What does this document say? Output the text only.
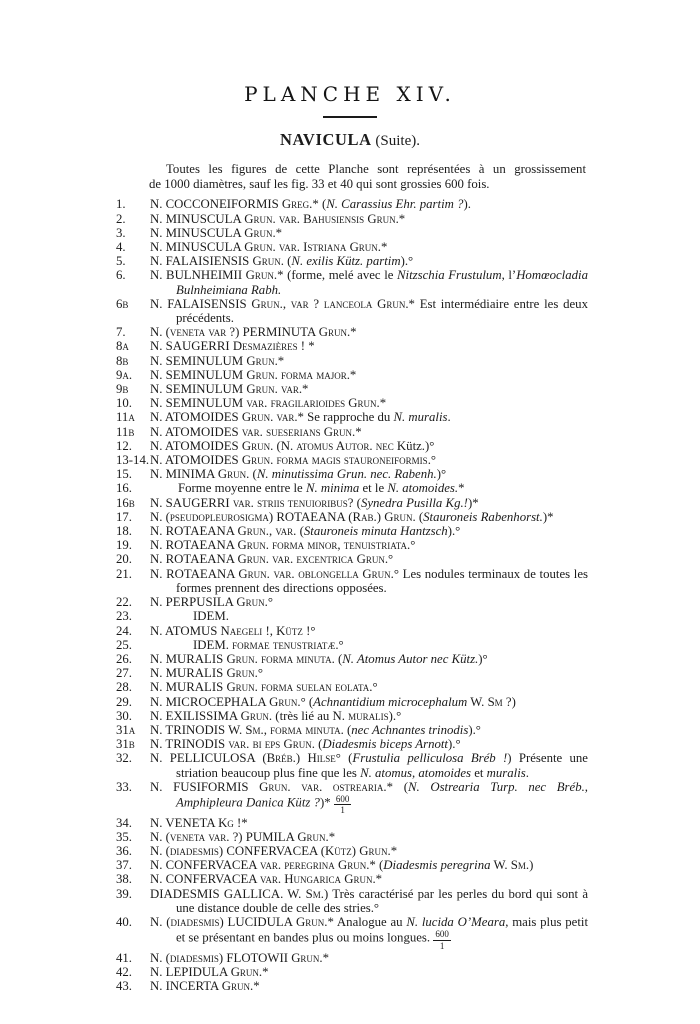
PLANCHE XIV.
NAVICULA (Suite).
Toutes les figures de cette Planche sont représentées à un grossissement
de 1000 diamètres, sauf les fig. 33 et 40 qui sont grossies 600 fois.
1.	N. COCCONEIFORMIS Greg.* (N. Carassius Ehr. partim ?).
2.	N. MINUSCULA Grun. var. Bahusiensis Grun.*
3.	N. MINUSCULA Grun.*
4.	N. MINUSCULA Grun. var. Istriana Grun.*
5.	N. FALAISIENSIS Grun. (N. exilis Kütz. partim).°
6.	N. BULNHEIMII Grun.* (forme, melé avec le Nitzschia Frustulum, l’Homœocladia Bulnheimiana Rabh.
6b	N. FALAISENSIS Grun., var ? lanceola Grun.* Est intermédiaire entre les deux précédents.
7.	N. (veneta var ?) PERMINUTA Grun.*
8a	N. SAUGERRI Desmazières ! *
8b	N. SEMINULUM Grun.*
9a.	N. SEMINULUM Grun. forma major.*
9b	N. SEMINULUM Grun. var.*
10.	N. SEMINULUM var. fragilarioides Grun.*
11a	N. ATOMOIDES Grun. var.* Se rapproche du N. muralis.
11b	N. ATOMOIDES var. sueserians Grun.*
12.	N. ATOMOIDES Grun. (N. atomus Autor. nec Kütz.)°
13-14. N. ATOMOIDES Grun. forma magis stauroneiformis.°
15.	N. MINIMA Grun. (N. minutissima Grun. nec. Rabenh.)°
16.	Forme moyenne entre le N. minima et le N. atomoides.*
16b	N. SAUGERRI var. striis tenuioribus? (Synedra Pusilla Kg.!)*
17.	N. (pseudopleurosigma) ROTAEANA (Rab.) Grun. (Stauroneis Rabenhorst.)*
18.	N. ROTAEANA Grun., var. (Stauroneis minuta Hantzsch).°
19.	N. ROTAEANA Grun. forma minor, tenuistriata.°
20.	N. ROTAEANA Grun. var. excentrica Grun.°
21.	N. ROTAEANA Grun. var. oblongella Grun.° Les nodules terminaux de toutes les formes prennent des directions opposées.
22.	N. PERPUSILA Grun.°
23.	IDEM.
24.	N. ATOMUS Naegeli !, Kütz !°
25.	IDEM. formae tenustriatæ.°
26.	N. MURALIS Grun. forma minuta. (N. Atomus Autor nec Kütz.)°
27.	N. MURALIS Grun.°
28.	N. MURALIS Grun. forma suelan eolata.°
29.	N. MICROCEPHALA Grun.° (Achnantidium microcephalum W. Sm ?)
30.	N. EXILISSIMA Grun. (très lié au N. muralis).°
31a	N. TRINODIS W. Sm., forma minuta. (nec Achnantes trinodis).°
31b	N. TRINODIS var. bi eps Grun. (Diadesmis biceps Arnott).°
32.	N. PELLICULOSA (Bréb.) Hilse° (Frustulia pelliculosa Bréb !) Présente une striation beaucoup plus fine que les N. atomus, atomoides et muralis.
33.	N. FUSIFORMIS Grun. var. ostrearia.* (N. Ostrearia Turp. nec Bréb., Amphipleura Danica Kütz ?)* $\frac{600}{1}$
34.	N. VENETA Kg !*
35.	N. (veneta var. ?) PUMILA Grun.*
36.	N. (diadesmis) CONFERVACEA (Kütz) Grun.*
37.	N. CONFERVACEA var. peregrina Grun.* (Diadesmis peregrina W. Sm.)
38.	N. CONFERVACEA var. Hungarica Grun.*
39.	DIADESMIS GALLICA. W. Sm.) Très caractérisé par les perles du bord qui sont à une distance double de celle des stries.°
40.	N. (diadesmis) LUCIDULA Grun.* Analogue au N. lucida O’Meara, mais plus petit et se présentant en bandes plus ou moins longues. $\frac{600}{1}$
41.	N. (diadesmis) FLOTOWII Grun.*
42.	N. LEPIDULA Grun.*
43.	N. INCERTA Grun.*
